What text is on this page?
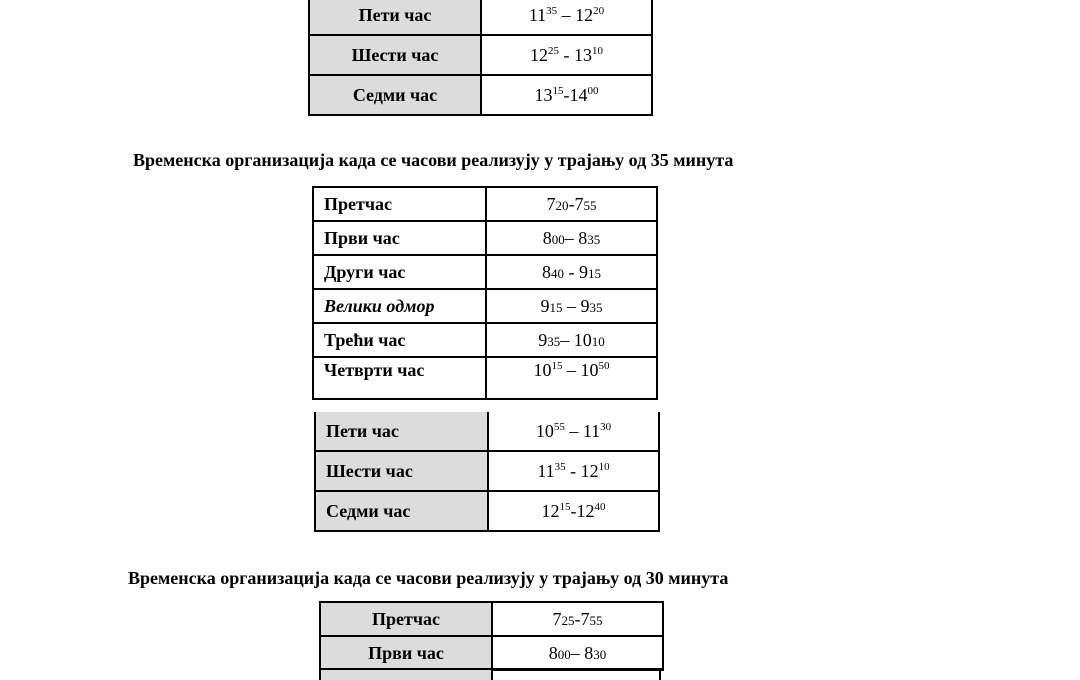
Пети час	$11^{35} - 12^{20}$
Шести час	$12^{25} - 13^{10}$
Седми час	$13^{15}-14^{00}$
Временска организација када се часови реализују у трајању од 35 минута
Претчас	720-755
Први час	800– 835
Други час	840 - 915
Велики одмор	915 – 935
Трећи час	935– 1010
Четврти час	$10^{15} - 10^{50}$
Пети час	$10^{55} - 11^{30}$
Шести час	$11^{35} - 12^{10}$
Седми час	$12^{15}-12^{40}$
Временска организација када се часови реализују у трајању од 30 минута
Претчас	725-755
Први час	800– 830
